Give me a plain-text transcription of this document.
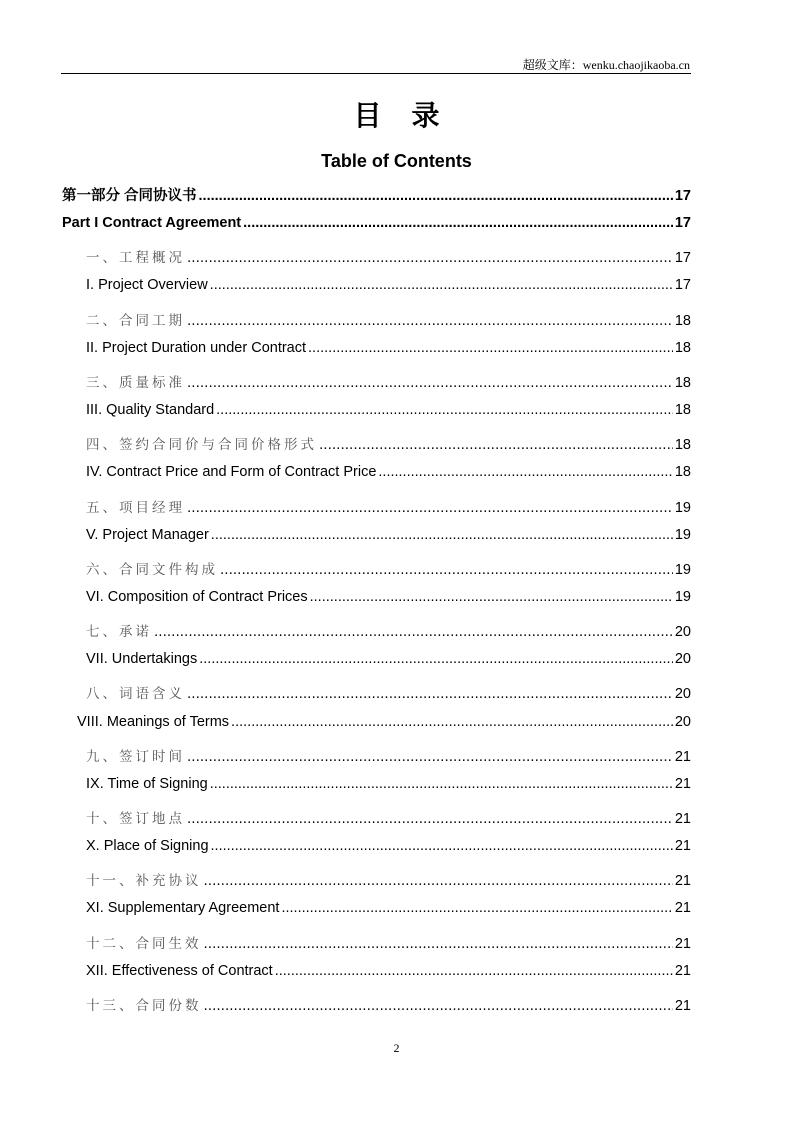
超级文库：wenku.chaojikaoba.cn
目录
Table of Contents
第一部分 合同协议书 .....	17
Part I Contract Agreement .....	17
一、工程概况 .....	17
I. Project Overview .....	17
二、合同工期 .....	18
II. Project Duration under Contract .....	18
三、质量标准 .....	18
III. Quality Standard .....	18
四、签约合同价与合同价格形式 .....	18
IV. Contract Price and Form of Contract Price .....	18
五、项目经理 .....	19
V. Project Manager .....	19
六、合同文件构成 .....	19
VI. Composition of Contract Prices .....	19
七、承诺 .....	20
VII. Undertakings .....	20
八、词语含义 .....	20
VIII. Meanings of Terms .....	20
九、签订时间 .....	21
IX. Time of Signing .....	21
十、签订地点 .....	21
X. Place of Signing .....	21
十一、补充协议 .....	21
XI. Supplementary Agreement .....	21
十二、合同生效 .....	21
XII. Effectiveness of Contract .....	21
十三、合同份数 .....	21
2
